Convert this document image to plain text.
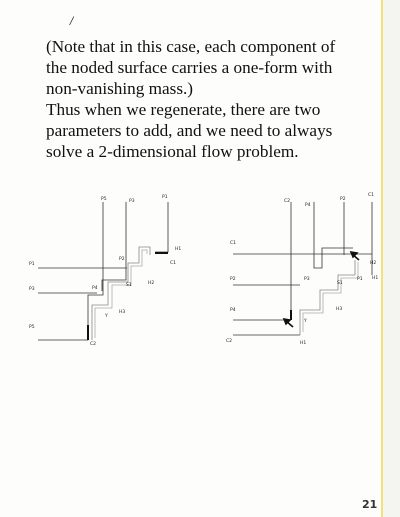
/
(Note that in this case, each component of
the noded surface carries a one-form with
non-vanishing mass.)
Thus when we regenerate, there are two
parameters to add, and we need to always
solve a 2-dimensional flow problem.
P5	P3
P1
P1
P3
P5
P2
P4
H1
H2
C1
S1
H3
Y
C2
C2
P4
P2
C1
C1
P2
P4
C2
H2
H1
P3
S1
P1
H3
Y
H1
21
